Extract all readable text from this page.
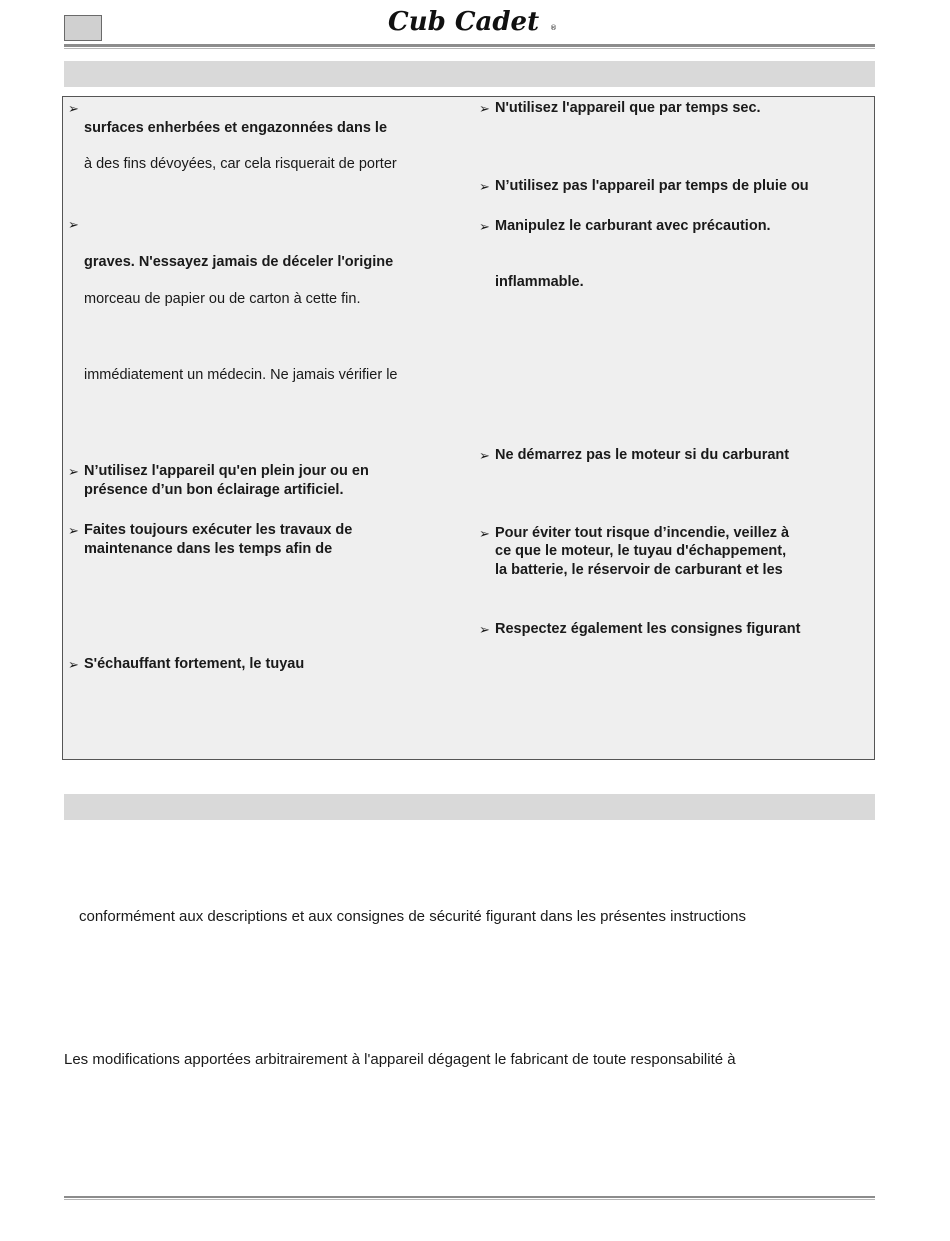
Cub Cadet ®
➢
surfaces enherbées et engazonnées dans le
à des fins dévoyées, car cela risquerait de porter
➢
graves. N'essayez jamais de déceler l'origine
morceau de papier ou de carton à cette fin.
immédiatement un médecin. Ne jamais vérifier le
➢ N’utilisez l'appareil qu'en plein jour ou en
présence d’un bon éclairage artificiel.
➢ Faites toujours exécuter les travaux de
maintenance dans les temps afin de
➢ S'échauffant fortement, le tuyau
➢ N'utilisez l'appareil que par temps sec.
➢ N’utilisez pas l'appareil par temps de pluie ou
➢ Manipulez le carburant avec précaution.
inflammable.
➢ Ne démarrez pas le moteur si du carburant
➢ Pour éviter tout risque d’incendie, veillez à
ce que le moteur, le tuyau d'échappement,
la batterie, le réservoir de carburant et les
➢ Respectez également les consignes figurant
conformément aux descriptions et aux consignes de sécurité figurant dans les présentes instructions
Les modifications apportées arbitrairement à l'appareil dégagent le fabricant de toute responsabilité à
